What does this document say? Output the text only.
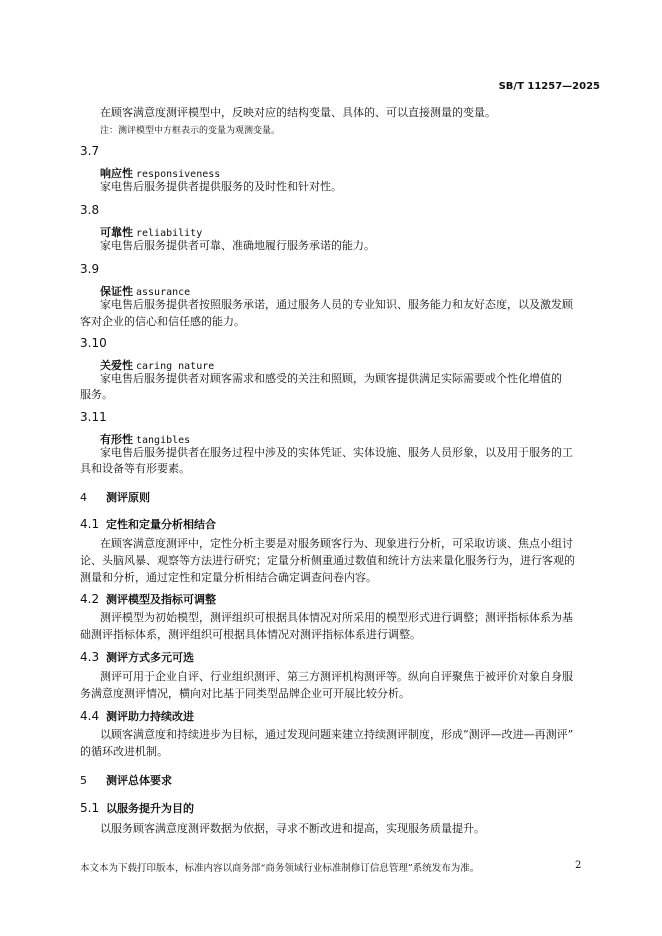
SB/T 11257—2025
在顾客满意度测评模型中，反映对应的结构变量、具体的、可以直接测量的变量。
注：测评模型中方框表示的变量为观测变量。
3.7
响应性 responsiveness
家电售后服务提供者提供服务的及时性和针对性。
3.8
可靠性 reliability
家电售后服务提供者可靠、准确地履行服务承诺的能力。
3.9
保证性 assurance
家电售后服务提供者按照服务承诺，通过服务人员的专业知识、服务能力和友好态度，以及激发顾
客对企业的信心和信任感的能力。
3.10
关爱性 caring nature
家电售后服务提供者对顾客需求和感受的关注和照顾，为顾客提供满足实际需要或个性化增值的
服务。
3.11
有形性 tangibles
家电售后服务提供者在服务过程中涉及的实体凭证、实体设施、服务人员形象，以及用于服务的工
具和设备等有形要素。
4 测评原则
4.1 定性和定量分析相结合
在顾客满意度测评中，定性分析主要是对服务顾客行为、现象进行分析，可采取访谈、焦点小组讨
论、头脑风暴、观察等方法进行研究；定量分析侧重通过数值和统计方法来量化服务行为，进行客观的
测量和分析，通过定性和定量分析相结合确定调查问卷内容。
4.2 测评模型及指标可调整
测评模型为初始模型，测评组织可根据具体情况对所采用的模型形式进行调整；测评指标体系为基
础测评指标体系，测评组织可根据具体情况对测评指标体系进行调整。
4.3 测评方式多元可选
测评可用于企业自评、行业组织测评、第三方测评机构测评等。纵向自评聚焦于被评价对象自身服
务满意度测评情况，横向对比基于同类型品牌企业可开展比较分析。
4.4 测评助力持续改进
以顾客满意度和持续进步为目标，通过发现问题来建立持续测评制度，形成“测评—改进—再测评”
的循环改进机制。
5 测评总体要求
5.1 以服务提升为目的
以服务顾客满意度测评数据为依据，寻求不断改进和提高，实现服务质量提升。
本文本为下载打印版本，标准内容以商务部“商务领域行业标准制修订信息管理”系统发布为准。	2
